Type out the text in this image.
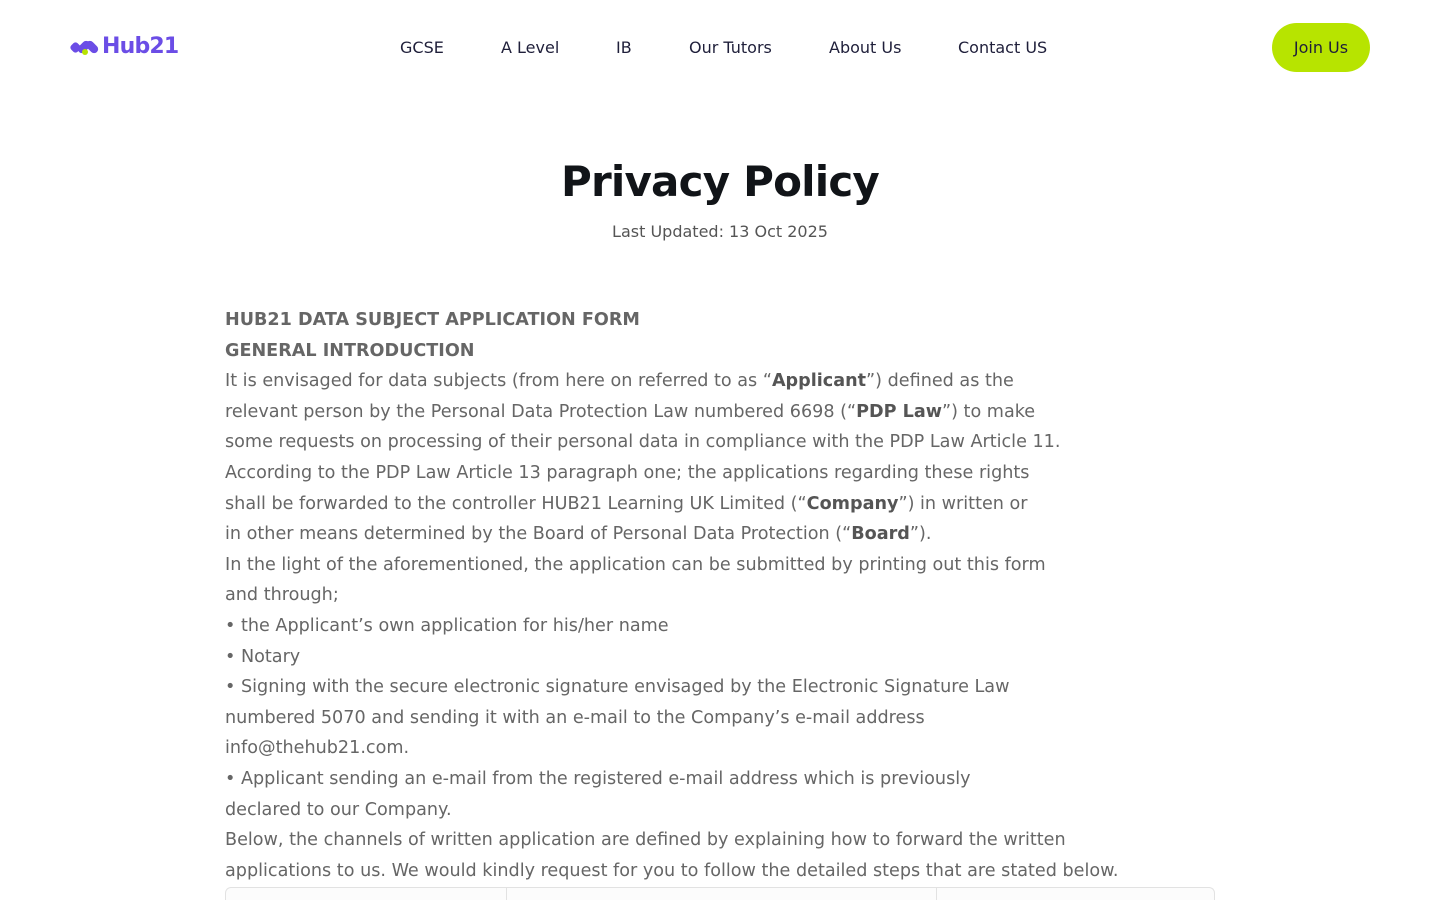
Hub21	GCSE	A Level	IB	Our Tutors	About Us	Contact US	Join Us
Privacy Policy

Last Updated: 13 Oct 2025

HUB21 DATA SUBJECT APPLICATION FORM
GENERAL INTRODUCTION
It is envisaged for data subjects (from here on referred to as “Applicant”) defined as the
relevant person by the Personal Data Protection Law numbered 6698 (“PDP Law”) to make
some requests on processing of their personal data in compliance with the PDP Law Article 11.
According to the PDP Law Article 13 paragraph one; the applications regarding these rights
shall be forwarded to the controller HUB21 Learning UK Limited (“Company”) in written or
in other means determined by the Board of Personal Data Protection (“Board”).
In the light of the aforementioned, the application can be submitted by printing out this form
and through;
• the Applicant’s own application for his/her name
• Notary
• Signing with the secure electronic signature envisaged by the Electronic Signature Law
numbered 5070 and sending it with an e-mail to the Company’s e-mail address
info@thehub21.com.
• Applicant sending an e-mail from the registered e-mail address which is previously
declared to our Company.
Below, the channels of written application are defined by explaining how to forward the written
applications to us. We would kindly request for you to follow the detailed steps that are stated below.
